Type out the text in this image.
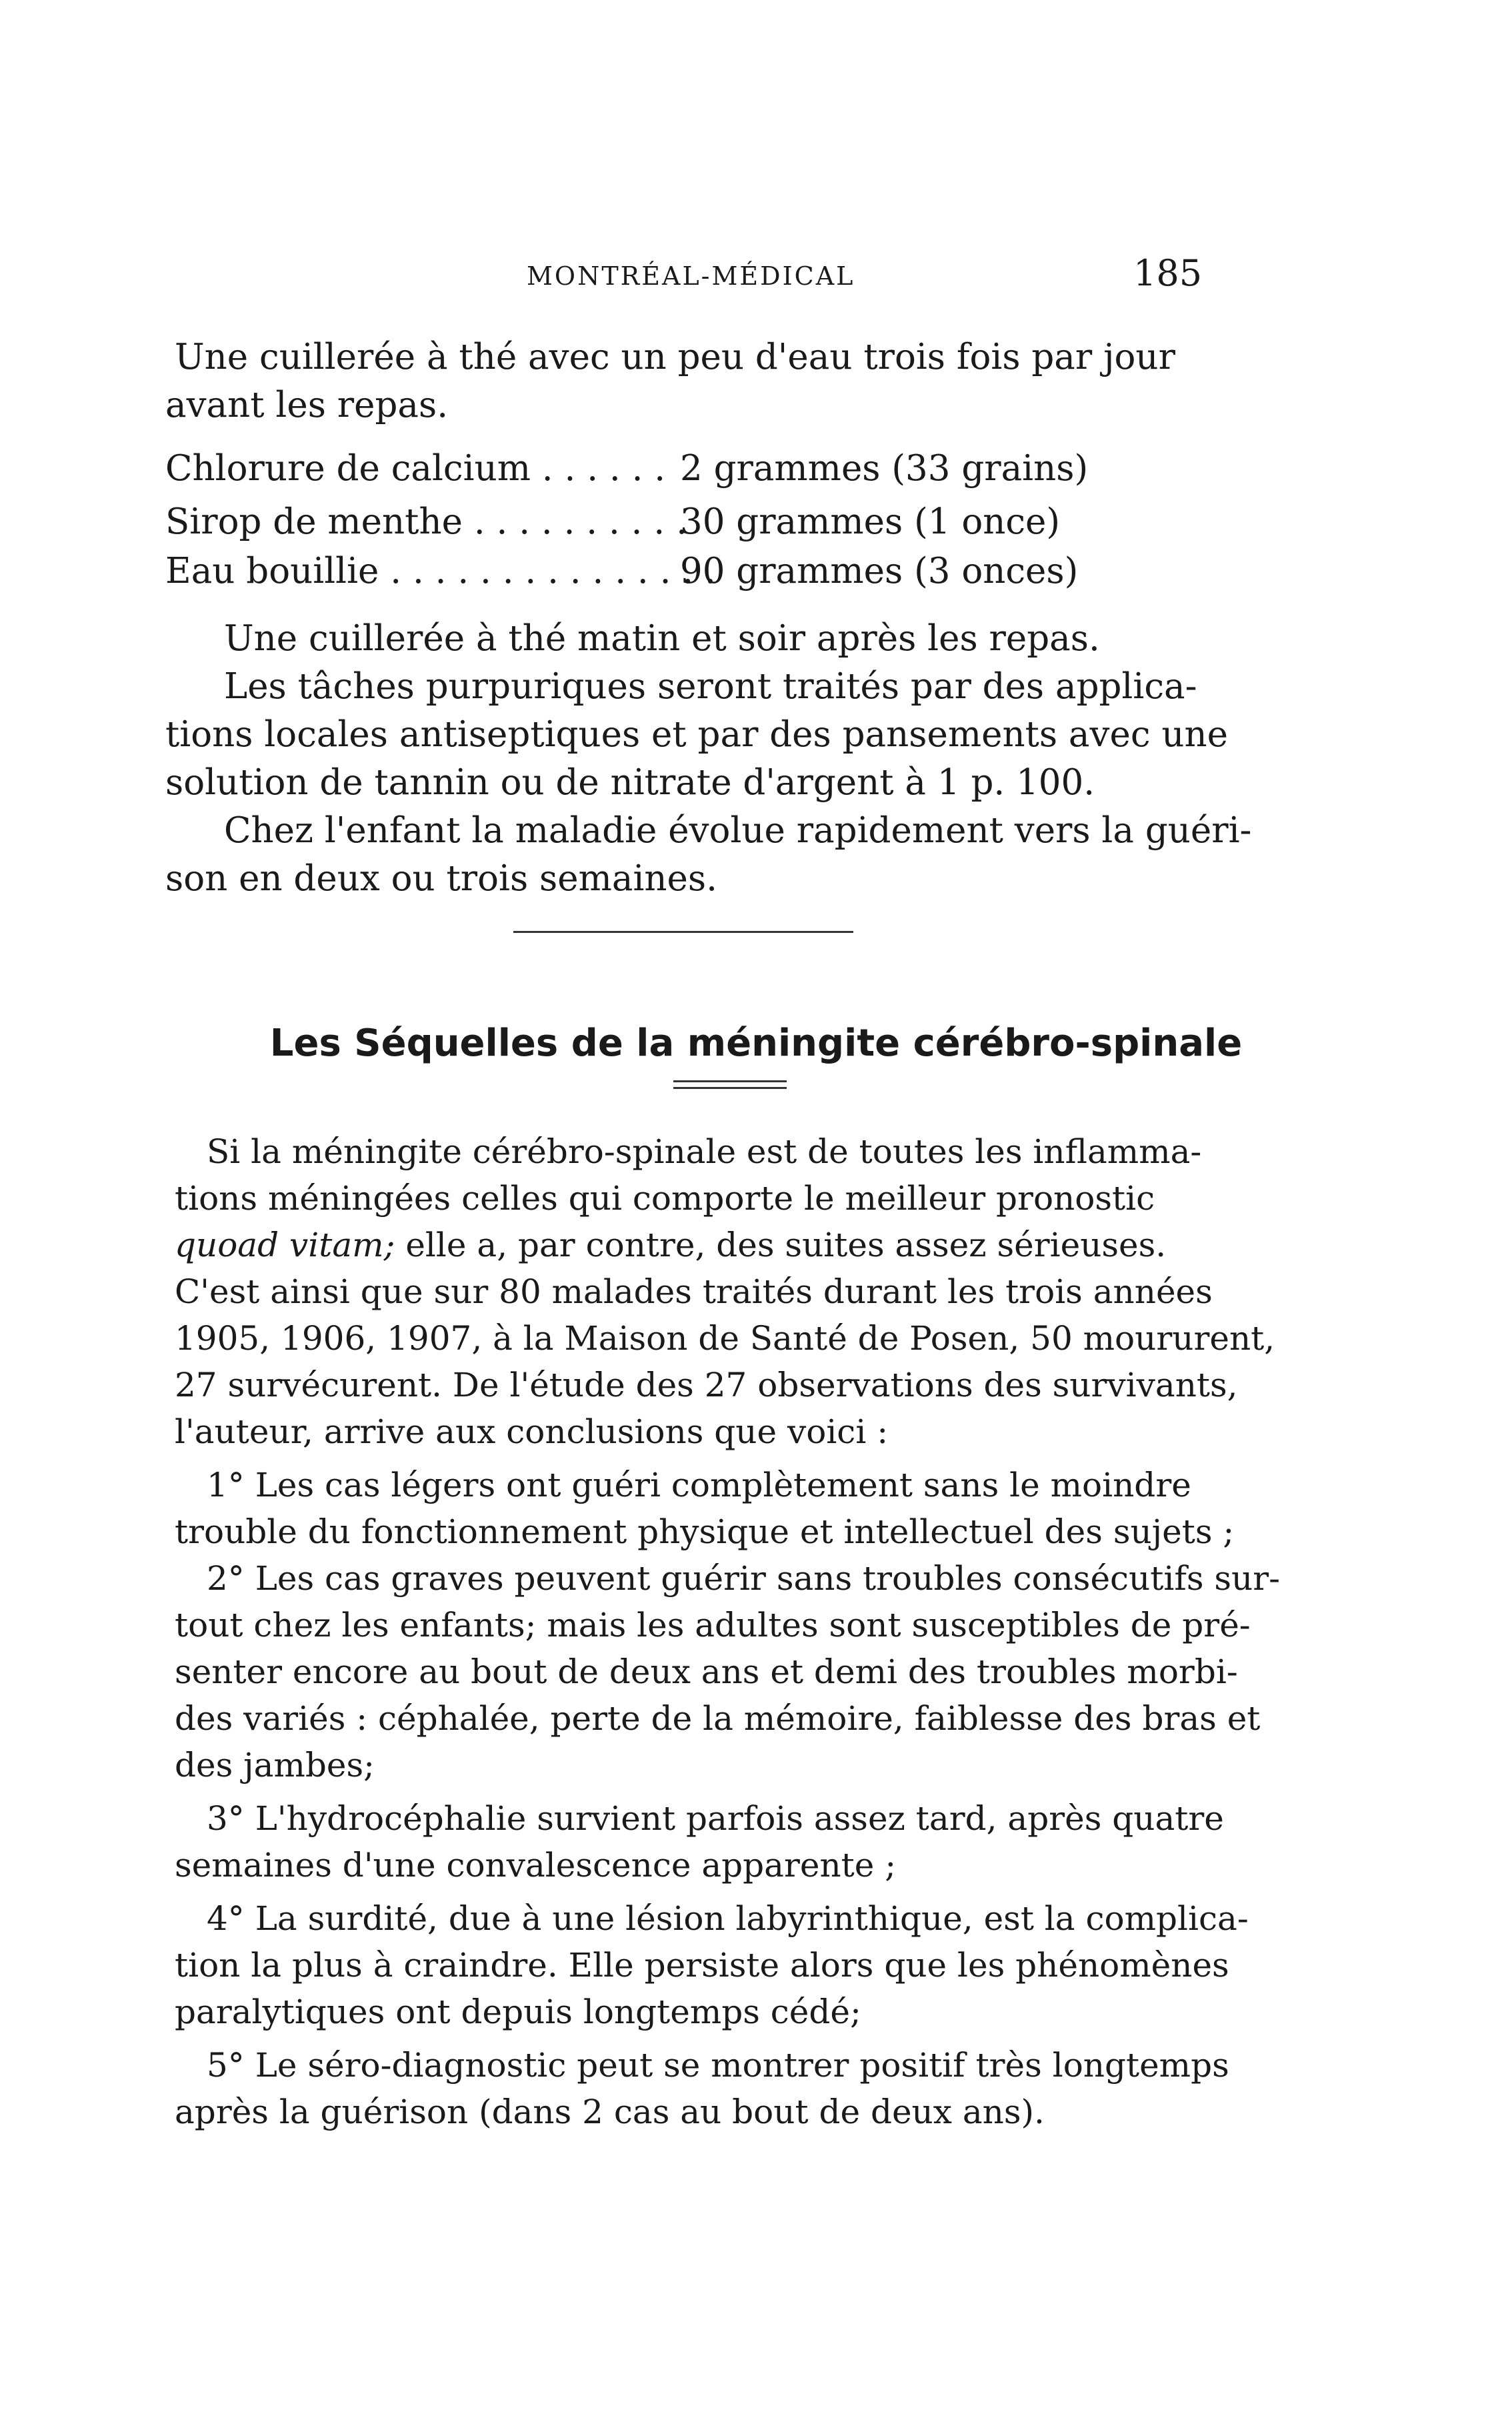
MONTRÉAL-MÉDICAL	185
Une cuillerée à thé avec un peu d'eau trois fois par jour
avant les repas.
Chlorure de calcium . . . . . . 2 grammes (33 grains)
Sirop de menthe . . . . . . . . . .
30 grammes (1 once)
Eau bouillie . . . . . . . . . . . . . . .
90 grammes (3 onces)
Une cuillerée à thé matin et soir après les repas.
Les tâches purpuriques seront traités par des applica-
tions locales antiseptiques et par des pansements avec une
solution de tannin ou de nitrate d'argent à 1 p. 100.
Chez l'enfant la maladie évolue rapidement vers la guéri-
son en deux ou trois semaines.
Les Séquelles de la méningite cérébro-spinale
Si la méningite cérébro-spinale est de toutes les inflamma-
tions méningées celles qui comporte le meilleur pronostic
quoad vitam; elle a, par contre, des suites assez sérieuses.
C'est ainsi que sur 80 malades traités durant les trois années
1905, 1906, 1907, à la Maison de Santé de Posen, 50 moururent,
27 survécurent. De l'étude des 27 observations des survivants,
l'auteur, arrive aux conclusions que voici :
1° Les cas légers ont guéri complètement sans le moindre
trouble du fonctionnement physique et intellectuel des sujets ;
2° Les cas graves peuvent guérir sans troubles consécutifs sur-
tout chez les enfants; mais les adultes sont susceptibles de pré-
senter encore au bout de deux ans et demi des troubles morbi-
des variés : céphalée, perte de la mémoire, faiblesse des bras et
des jambes;
3° L'hydrocéphalie survient parfois assez tard, après quatre
semaines d'une convalescence apparente ;
4° La surdité, due à une lésion labyrinthique, est la complica-
tion la plus à craindre. Elle persiste alors que les phénomènes
paralytiques ont depuis longtemps cédé;
5° Le séro-diagnostic peut se montrer positif très longtemps
après la guérison (dans 2 cas au bout de deux ans).
